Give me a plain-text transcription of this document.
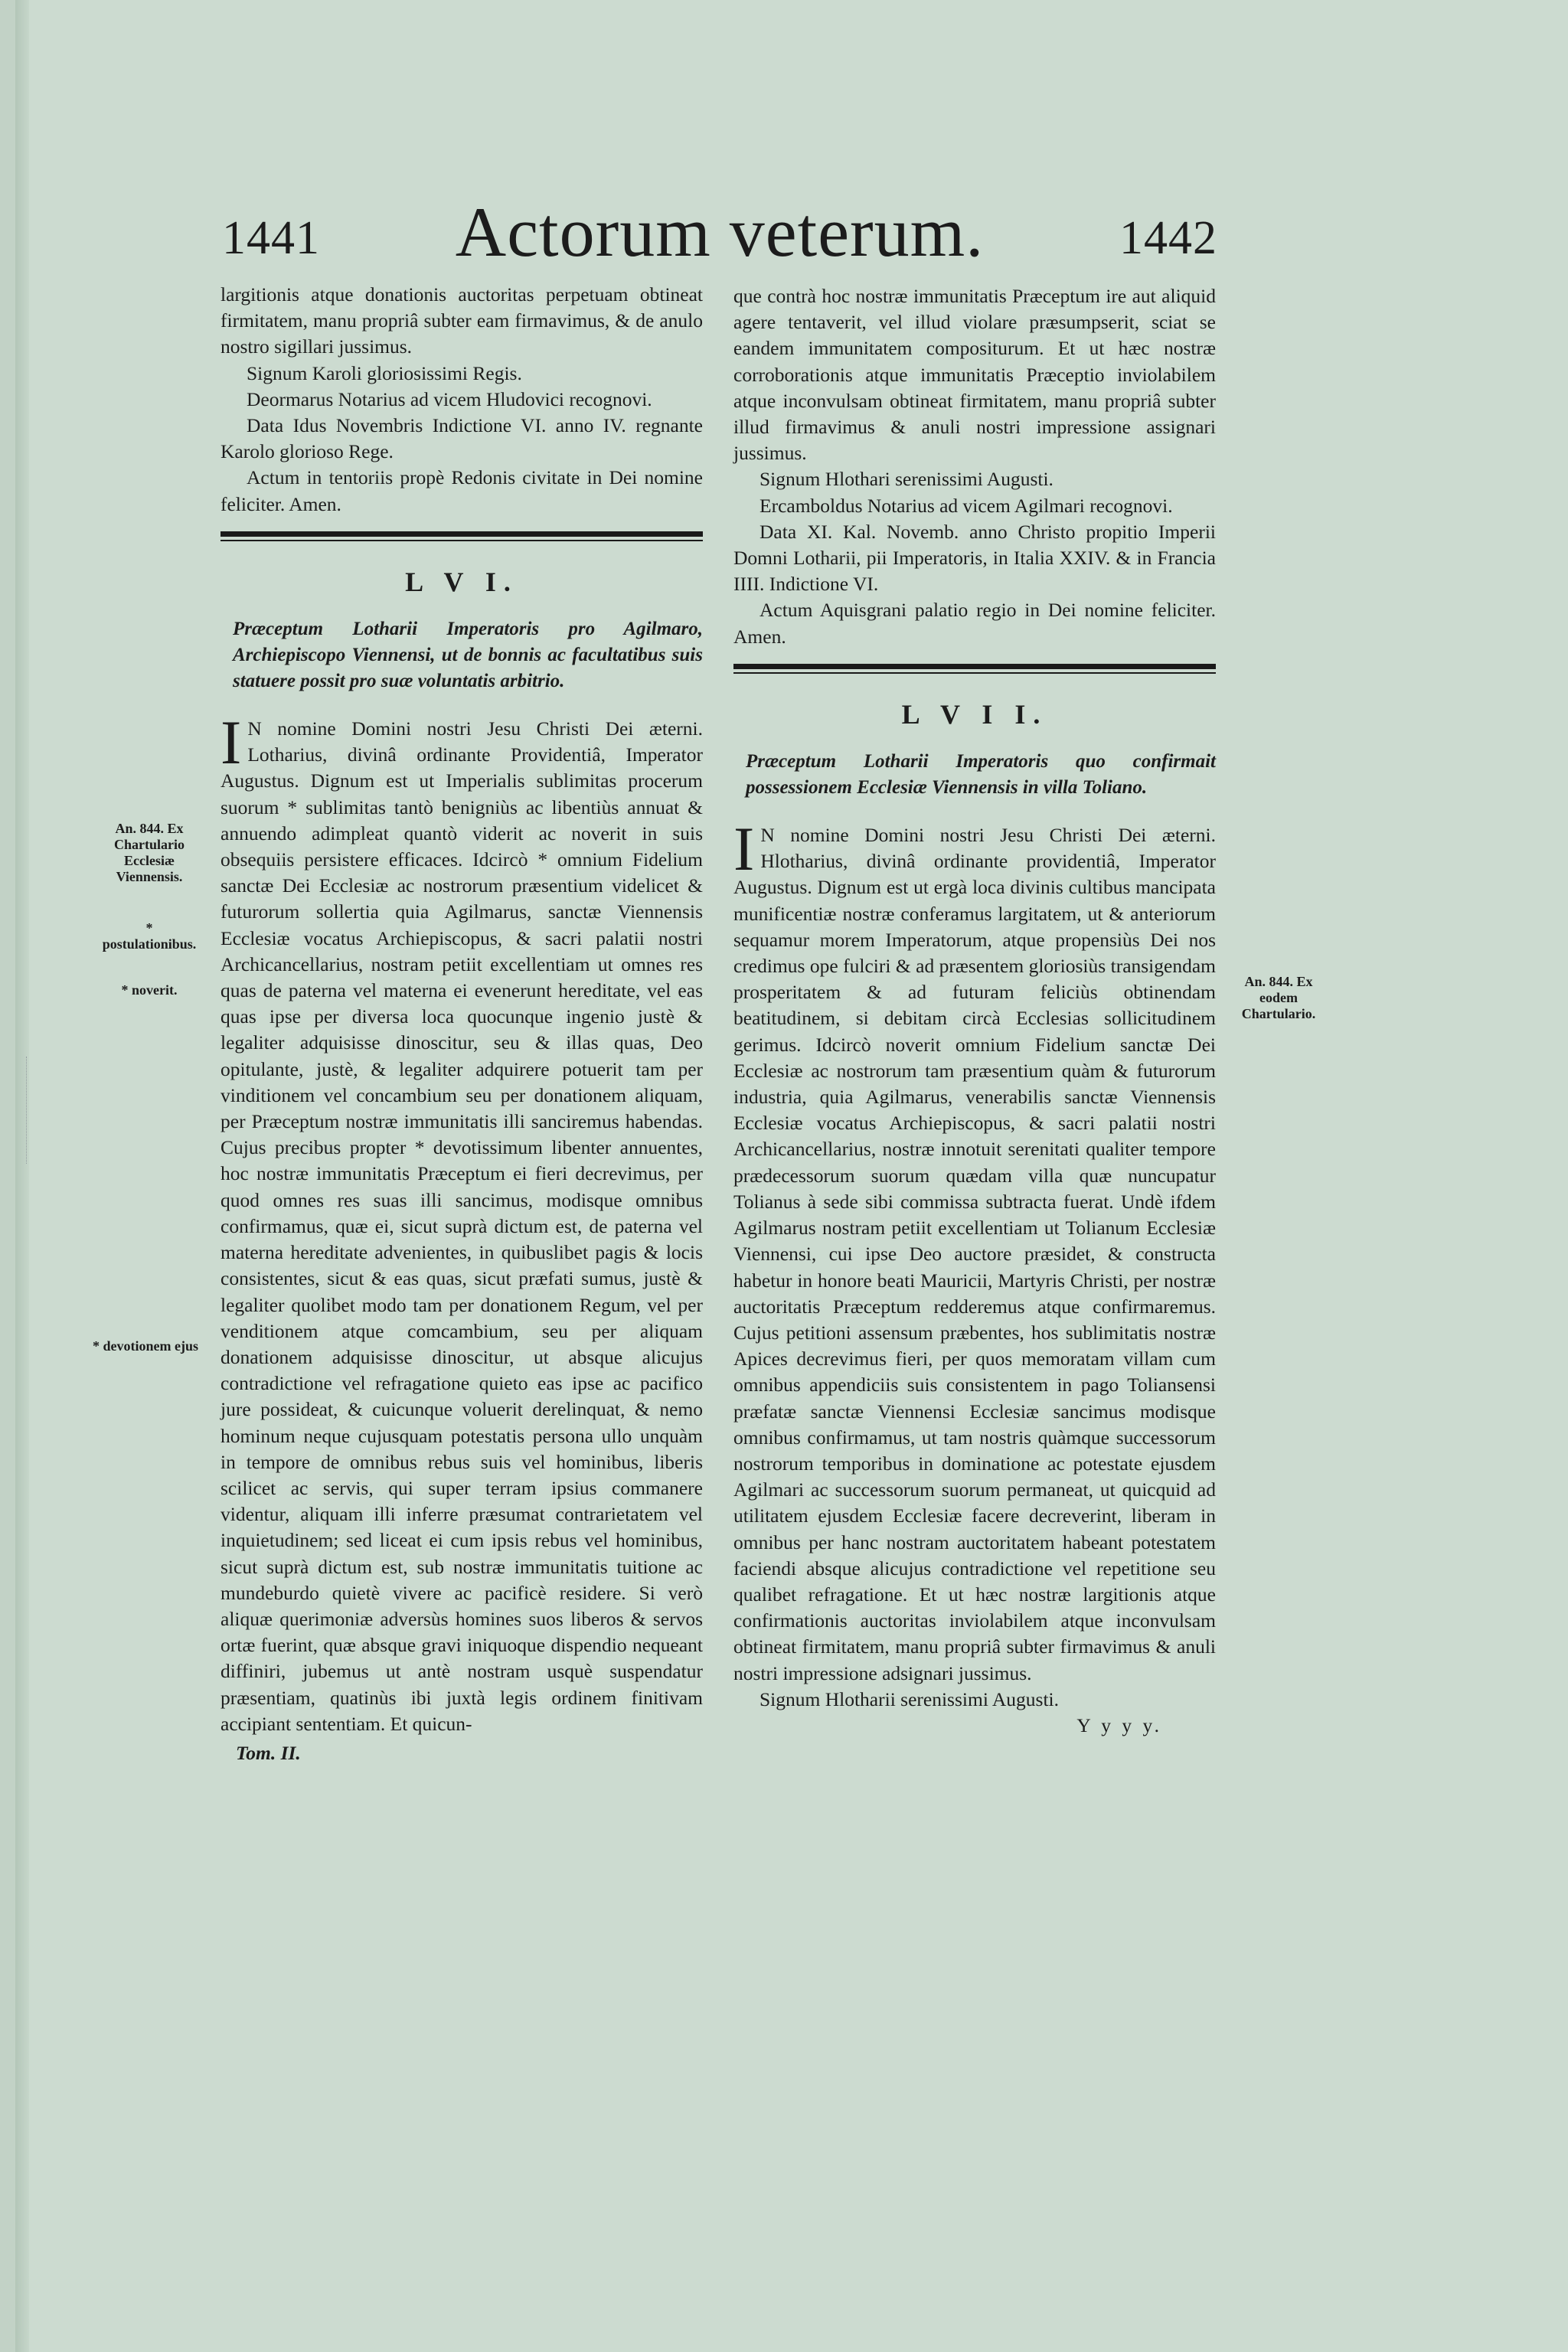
1441	Actorum veterum.	1442

largitionis atque donationis auctoritas perpetuam obtineat firmitatem, manu propriâ subter eam firmavimus, & de anulo nostro sigillari jussimus.

Signum Karoli gloriosissimi Regis.

Deormarus Notarius ad vicem Hludovici recognovi.

Data Idus Novembris Indictione VI. anno IV. regnante Karolo glorioso Rege.

Actum in tentoriis propè Redonis civitate in Dei nomine feliciter. Amen.

L V I.

Præceptum Lotharii Imperatoris pro Agilmaro, Archiepiscopo Viennensi, ut de bonnis ac facultatibus suis statuere possit pro suæ voluntatis arbitrio.

I N nomine Domini nostri Jesu Christi Dei æterni. Lotharius, divinâ ordinante Providentiâ, Imperator Augustus. Dignum est ut Imperialis sublimitas procerum suorum * sublimitas tantò benigniùs ac libentiùs annuat & annuendo adimpleat quantò viderit ac noverit in suis obsequiis persistere efficaces. Idcircò * omnium Fidelium sanctæ Dei Ecclesiæ ac nostrorum præsentium videlicet & futurorum sollertia quia Agilmarus, sanctæ Viennensis Ecclesiæ vocatus Archiepiscopus, & sacri palatii nostri Archicancellarius, nostram petiit excellentiam ut omnes res quas de paterna vel materna ei evenerunt hereditate, vel eas quas ipse per diversa loca quocunque ingenio justè & legaliter adquisisse dinoscitur, seu & illas quas, Deo opitulante, justè, & legaliter adquirere potuerit tam per vinditionem vel concambium seu per donationem aliquam, per Præceptum nostræ immunitatis illi sanciremus habendas. Cujus precibus propter * devotissimum libenter annuentes, hoc nostræ immunitatis Præceptum ei fieri decrevimus, per quod omnes res suas illi sancimus, modisque omnibus confirmamus, quæ ei, sicut suprà dictum est, de paterna vel materna hereditate advenientes, in quibuslibet pagis & locis consistentes, sicut & eas quas, sicut præfati sumus, justè & legaliter quolibet modo tam per donationem Regum, vel per venditionem atque comcambium, seu per aliquam donationem adquisisse dinoscitur, ut absque alicujus contradictione vel refragatione quieto eas ipse ac pacifico jure possideat, & cuicunque voluerit derelinquat, & nemo hominum neque cujusquam potestatis persona ullo unquàm in tempore de omnibus rebus suis vel hominibus, liberis scilicet ac servis, qui super terram ipsius commanere videntur, aliquam illi inferre præsumat contrarietatem vel inquietudinem; sed liceat ei cum ipsis rebus vel hominibus, sicut suprà dictum est, sub nostræ immunitatis tuitione ac mundeburdo quietè vivere ac pacificè residere. Si verò aliquæ querimoniæ adversùs homines suos liberos & servos ortæ fuerint, quæ absque gravi iniquoque dispendio nequeant diffiniri, jubemus ut antè nostram usquè suspendatur præsentiam, quatinùs ibi juxtà legis ordinem finitivam accipiant sententiam. Et quicun-
Tom. II.

que contrà hoc nostræ immunitatis Præceptum ire aut aliquid agere tentaverit, vel illud violare præsumpserit, sciat se eandem immunitatem compositurum. Et ut hæc nostræ corroborationis atque immunitatis Præceptio inviolabilem atque inconvulsam obtineat firmitatem, manu propriâ subter illud firmavimus & anuli nostri impressione assignari jussimus.

Signum Hlothari serenissimi Augusti.

Ercamboldus Notarius ad vicem Agilmari recognovi.

Data XI. Kal. Novemb. anno Christo propitio Imperii Domni Lotharii, pii Imperatoris, in Italia XXIV. & in Francia IIII. Indictione VI.

Actum Aquisgrani palatio regio in Dei nomine feliciter. Amen.

L V I I.

Præceptum Lotharii Imperatoris quo confirmait possessionem Ecclesiæ Viennensis in villa Toliano.

I N nomine Domini nostri Jesu Christi Dei æterni. Hlotharius, divinâ ordinante providentiâ, Imperator Augustus. Dignum est ut ergà loca divinis cultibus mancipata munificentiæ nostræ conferamus largitatem, ut & anteriorum sequamur morem Imperatorum, atque propensiùs Dei nos credimus ope fulciri & ad præsentem gloriosiùs transigendam prosperitatem & ad futuram feliciùs obtinendam beatitudinem, si debitam circà Ecclesias sollicitudinem gerimus. Idcircò noverit omnium Fidelium sanctæ Dei Ecclesiæ ac nostrorum tam præsentium quàm & futurorum industria, quia Agilmarus, venerabilis sanctæ Viennensis Ecclesiæ vocatus Archiepiscopus, & sacri palatii nostri Archicancellarius, nostræ innotuit serenitati qualiter tempore prædecessorum suorum quædam villa quæ nuncupatur Tolianus à sede sibi commissa subtracta fuerat. Undè ifdem Agilmarus nostram petiit excellentiam ut Tolianum Ecclesiæ Viennensi, cui ipse Deo auctore præsidet, & constructa habetur in honore beati Mauricii, Martyris Christi, per nostræ auctoritatis Præceptum redderemus atque confirmaremus. Cujus petitioni assensum præbentes, hos sublimitatis nostræ Apices decrevimus fieri, per quos memoratam villam cum omnibus appendiciis suis consistentem in pago Toliansensi præfatæ sanctæ Viennensi Ecclesiæ sancimus modisque omnibus confirmamus, ut tam nostris quàmque successorum nostrorum temporibus in dominatione ac potestate ejusdem Agilmari ac successorum suorum permaneat, ut quicquid ad utilitatem ejusdem Ecclesiæ facere decreverint, liberam in omnibus per hanc nostram auctoritatem habeant potestatem faciendi absque alicujus contradictione vel repetitione seu qualibet refragatione. Et ut hæc nostræ largitionis atque confirmationis auctoritas inviolabilem atque inconvulsam obtineat firmitatem, manu propriâ subter firmavimus & anuli nostri impressione adsignari jussimus.

Signum Hlotharii serenissimi Augusti.

Y y y y.
An. 844. Ex Chartulario Ecclesiæ Viennensis.
* postulationibus.
* noverit.
* devotionem ejus
An. 844. Ex eodem Chartulario.
